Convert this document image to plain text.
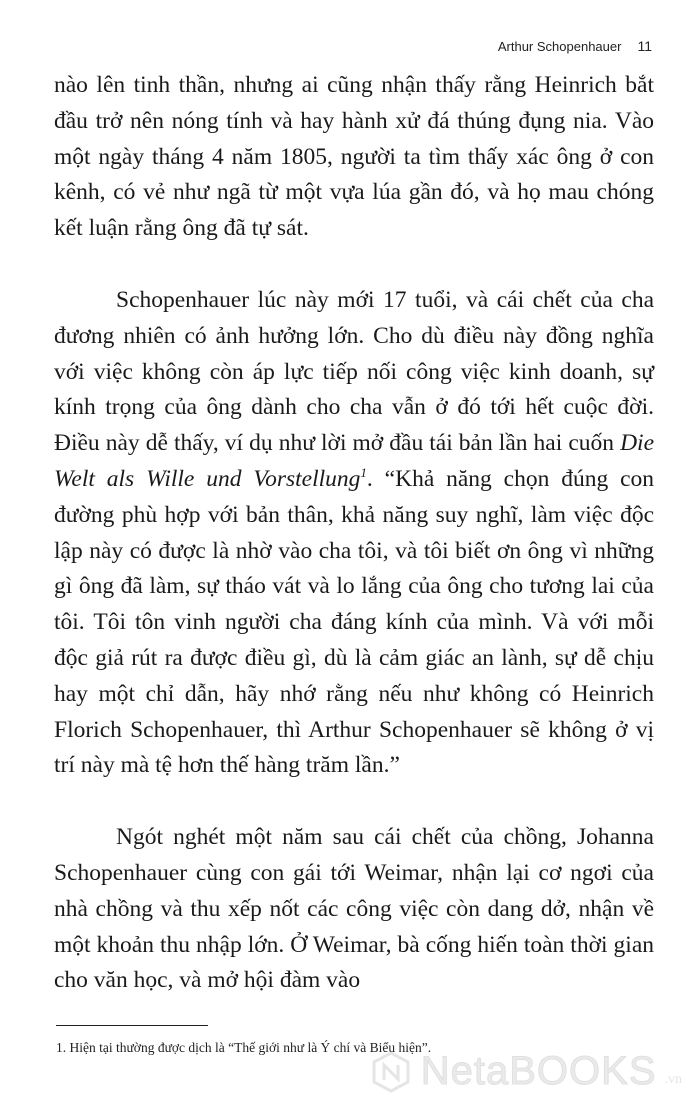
Arthur Schopenhauer 11

nào lên tinh thần, nhưng ai cũng nhận thấy rằng Heinrich bắt đầu trở nên nóng tính và hay hành xử đá thúng đụng nia. Vào một ngày tháng 4 năm 1805, người ta tìm thấy xác ông ở con kênh, có vẻ như ngã từ một vựa lúa gần đó, và họ mau chóng kết luận rằng ông đã tự sát.

Schopenhauer lúc này mới 17 tuổi, và cái chết của cha đương nhiên có ảnh hưởng lớn. Cho dù điều này đồng nghĩa với việc không còn áp lực tiếp nối công việc kinh doanh, sự kính trọng của ông dành cho cha vẫn ở đó tới hết cuộc đời. Điều này dễ thấy, ví dụ như lời mở đầu tái bản lần hai cuốn Die Welt als Wille und Vorstellung$^1$. “Khả năng chọn đúng con đường phù hợp với bản thân, khả năng suy nghĩ, làm việc độc lập này có được là nhờ vào cha tôi, và tôi biết ơn ông vì những gì ông đã làm, sự tháo vát và lo lắng của ông cho tương lai của tôi. Tôi tôn vinh người cha đáng kính của mình. Và với mỗi độc giả rút ra được điều gì, dù là cảm giác an lành, sự dễ chịu hay một chỉ dẫn, hãy nhớ rằng nếu như không có Heinrich Florich Schopenhauer, thì Arthur Schopenhauer sẽ không ở vị trí này mà tệ hơn thế hàng trăm lần.”

Ngót nghét một năm sau cái chết của chồng, Johanna Schopenhauer cùng con gái tới Weimar, nhận lại cơ ngơi của nhà chồng và thu xếp nốt các công việc còn dang dở, nhận về một khoản thu nhập lớn. Ở Weimar, bà cống hiến toàn thời gian cho văn học, và mở hội đàm vào

1. Hiện tại thường được dịch là “Thế giới như là Ý chí và Biểu hiện”.
NetaBOOKS .vn
